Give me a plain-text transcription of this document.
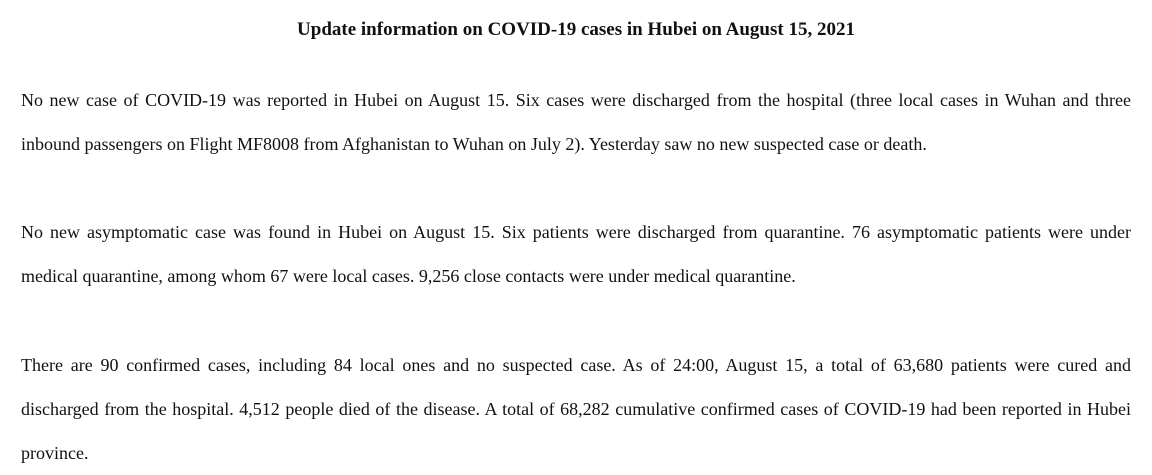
Update information on COVID-19 cases in Hubei on August 15, 2021

No new case of COVID-19 was reported in Hubei on August 15. Six cases were discharged from the hospital (three local cases in Wuhan and three inbound passengers on Flight MF8008 from Afghanistan to Wuhan on July 2). Yesterday saw no new suspected case or death.

No new asymptomatic case was found in Hubei on August 15. Six patients were discharged from quarantine. 76 asymptomatic patients were under medical quarantine, among whom 67 were local cases. 9,256 close contacts were under medical quarantine.

There are 90 confirmed cases, including 84 local ones and no suspected case. As of 24:00, August 15, a total of 63,680 patients were cured and discharged from the hospital. 4,512 people died of the disease. A total of 68,282 cumulative confirmed cases of COVID-19 had been reported in Hubei province.
